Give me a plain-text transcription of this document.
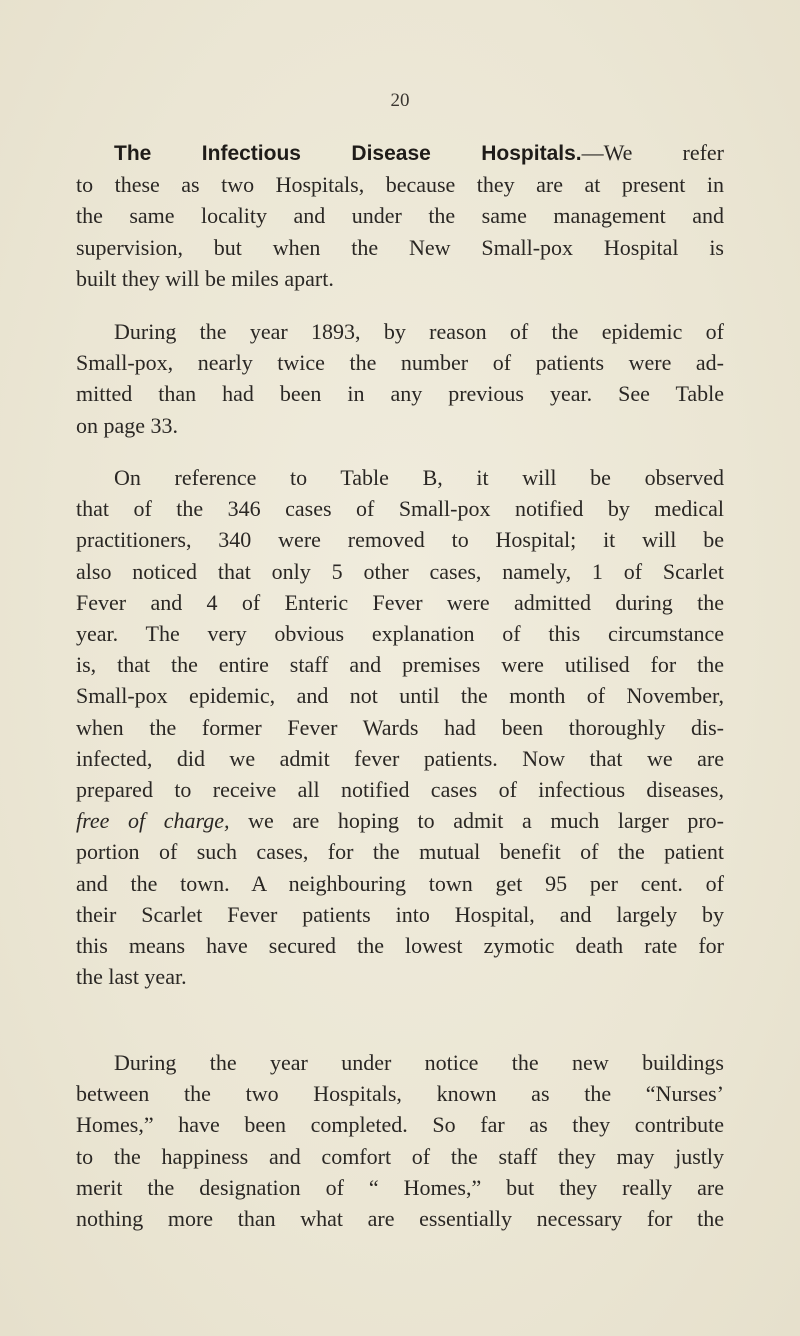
20
The Infectious Disease Hospitals.—We refer
to these as two Hospitals, because they are at present in
the same locality and under the same management and
supervision, but when the New Small-pox Hospital is
built they will be miles apart.
During the year 1893, by reason of the epidemic of
Small-pox, nearly twice the number of patients were ad-
mitted than had been in any previous year. See Table
on page 33.
On reference to Table B, it will be observed
that of the 346 cases of Small-pox notified by medical
practitioners, 340 were removed to Hospital; it will be
also noticed that only 5 other cases, namely, 1 of Scarlet
Fever and 4 of Enteric Fever were admitted during the
year. The very obvious explanation of this circumstance
is, that the entire staff and premises were utilised for the
Small-pox epidemic, and not until the month of November,
when the former Fever Wards had been thoroughly dis-
infected, did we admit fever patients. Now that we are
prepared to receive all notified cases of infectious diseases,
free of charge, we are hoping to admit a much larger pro-
portion of such cases, for the mutual benefit of the patient
and the town. A neighbouring town get 95 per cent. of
their Scarlet Fever patients into Hospital, and largely by
this means have secured the lowest zymotic death rate for
the last year.
During the year under notice the new buildings
between the two Hospitals, known as the “Nurses’
Homes,” have been completed. So far as they contribute
to the happiness and comfort of the staff they may justly
merit the designation of “ Homes,” but they really are
nothing more than what are essentially necessary for the
